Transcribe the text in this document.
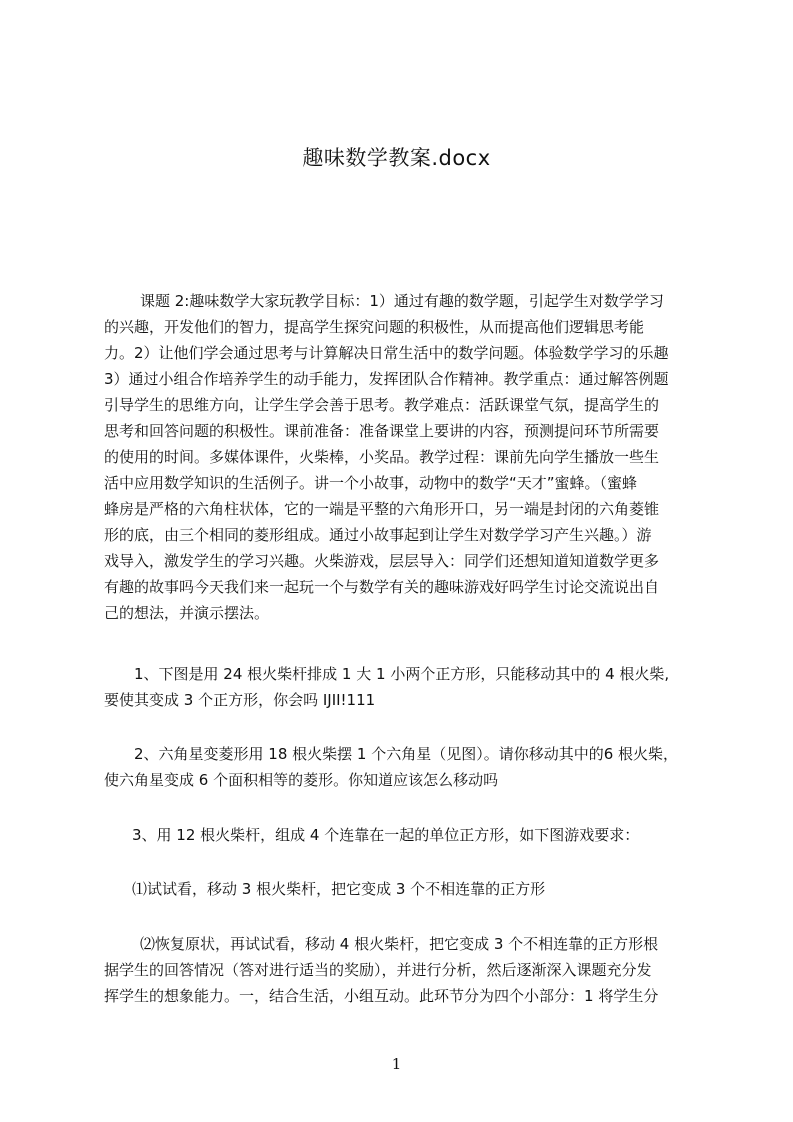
趣味数学教案.docx
课题 2:趣味数学大家玩教学目标：1）通过有趣的数学题，引起学生对数学学习
的兴趣，开发他们的智力，提高学生探究问题的积极性，从而提高他们逻辑思考能
力。2）让他们学会通过思考与计算解决日常生活中的数学问题。体验数学学习的乐趣
3）通过小组合作培养学生的动手能力，发挥团队合作精神。教学重点：通过解答例题
引导学生的思维方向，让学生学会善于思考。教学难点：活跃课堂气氛，提高学生的
思考和回答问题的积极性。课前准备：准备课堂上要讲的内容，预测提问环节所需要
的使用的时间。多媒体课件，火柴棒，小奖品。教学过程：课前先向学生播放一些生
活中应用数学知识的生活例子。讲一个小故事，动物中的数学“天才”蜜蜂。（蜜蜂
蜂房是严格的六角柱状体，它的一端是平整的六角形开口，另一端是封闭的六角菱锥
形的底，由三个相同的菱形组成。通过小故事起到让学生对数学学习产生兴趣。）游
戏导入，激发学生的学习兴趣。火柴游戏，层层导入：同学们还想知道知道数学更多
有趣的故事吗今天我们来一起玩一个与数学有关的趣味游戏好吗学生讨论交流说出自
己的想法，并演示摆法。
1、下图是用 24 根火柴杆排成 1 大 1 小两个正方形，只能移动其中的 4 根火柴,
要使其变成 3 个正方形，你会吗 IJII!111
2、六角星变菱形用 18 根火柴摆 1 个六角星（见图）。请你移动其中的6 根火柴，
使六角星变成 6 个面积相等的菱形。你知道应该怎么移动吗
3、用 12 根火柴杆，组成 4 个连靠在一起的单位正方形，如下图游戏要求：
⑴试试看，移动 3 根火柴杆，把它变成 3 个不相连靠的正方形
⑵恢复原状，再试试看，移动 4 根火柴杆，把它变成 3 个不相连靠的正方形根
据学生的回答情况（答对进行适当的奖励），并进行分析，然后逐渐深入课题充分发
挥学生的想象能力。一，结合生活，小组互动。此环节分为四个小部分：1 将学生分
1
